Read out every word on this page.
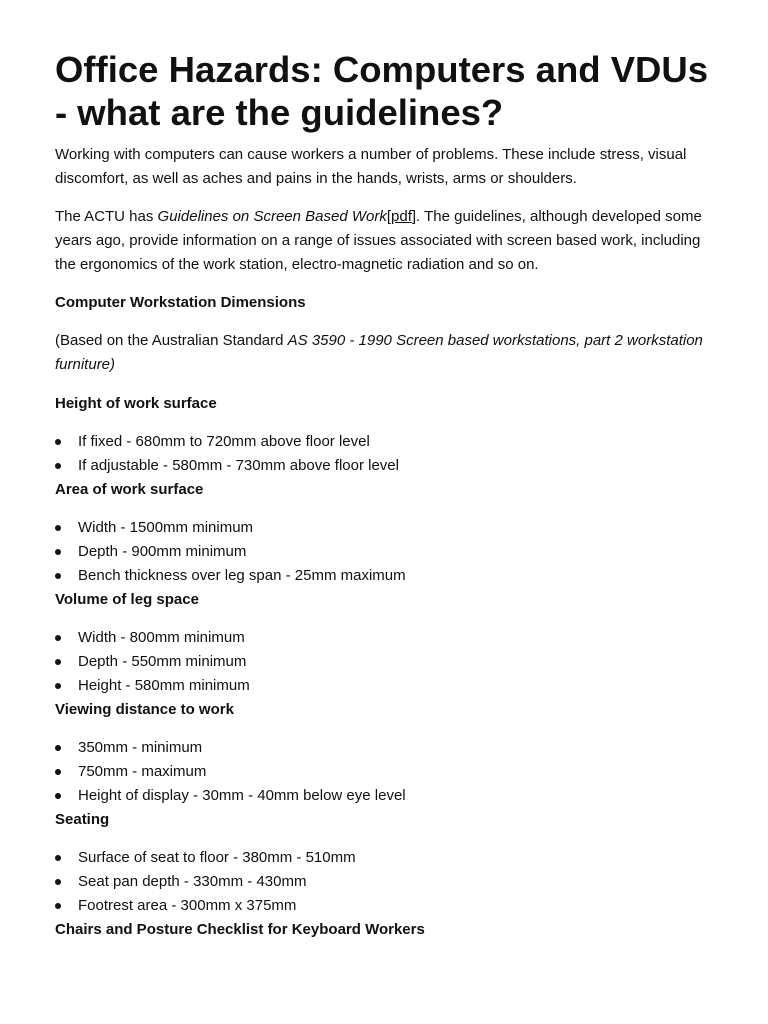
Office Hazards: Computers and VDUs - what are the guidelines?

Working with computers can cause workers a number of problems. These include stress, visual discomfort, as well as aches and pains in the hands, wrists, arms or shoulders.

The ACTU has Guidelines on Screen Based Work[pdf]. The guidelines, although developed some years ago, provide information on a range of issues associated with screen based work, including the ergonomics of the work station, electro-magnetic radiation and so on.

Computer Workstation Dimensions

(Based on the Australian Standard AS 3590 - 1990 Screen based workstations, part 2 workstation furniture)

Height of work surface

If fixed - 680mm to 720mm above floor level
If adjustable - 580mm - 730mm above floor level

Area of work surface

Width - 1500mm minimum
Depth - 900mm minimum
Bench thickness over leg span - 25mm maximum

Volume of leg space

Width - 800mm minimum
Depth - 550mm minimum
Height - 580mm minimum

Viewing distance to work

350mm - minimum
750mm - maximum
Height of display - 30mm - 40mm below eye level

Seating

Surface of seat to floor - 380mm - 510mm
Seat pan depth - 330mm - 430mm
Footrest area - 300mm x 375mm

Chairs and Posture Checklist for Keyboard Workers
